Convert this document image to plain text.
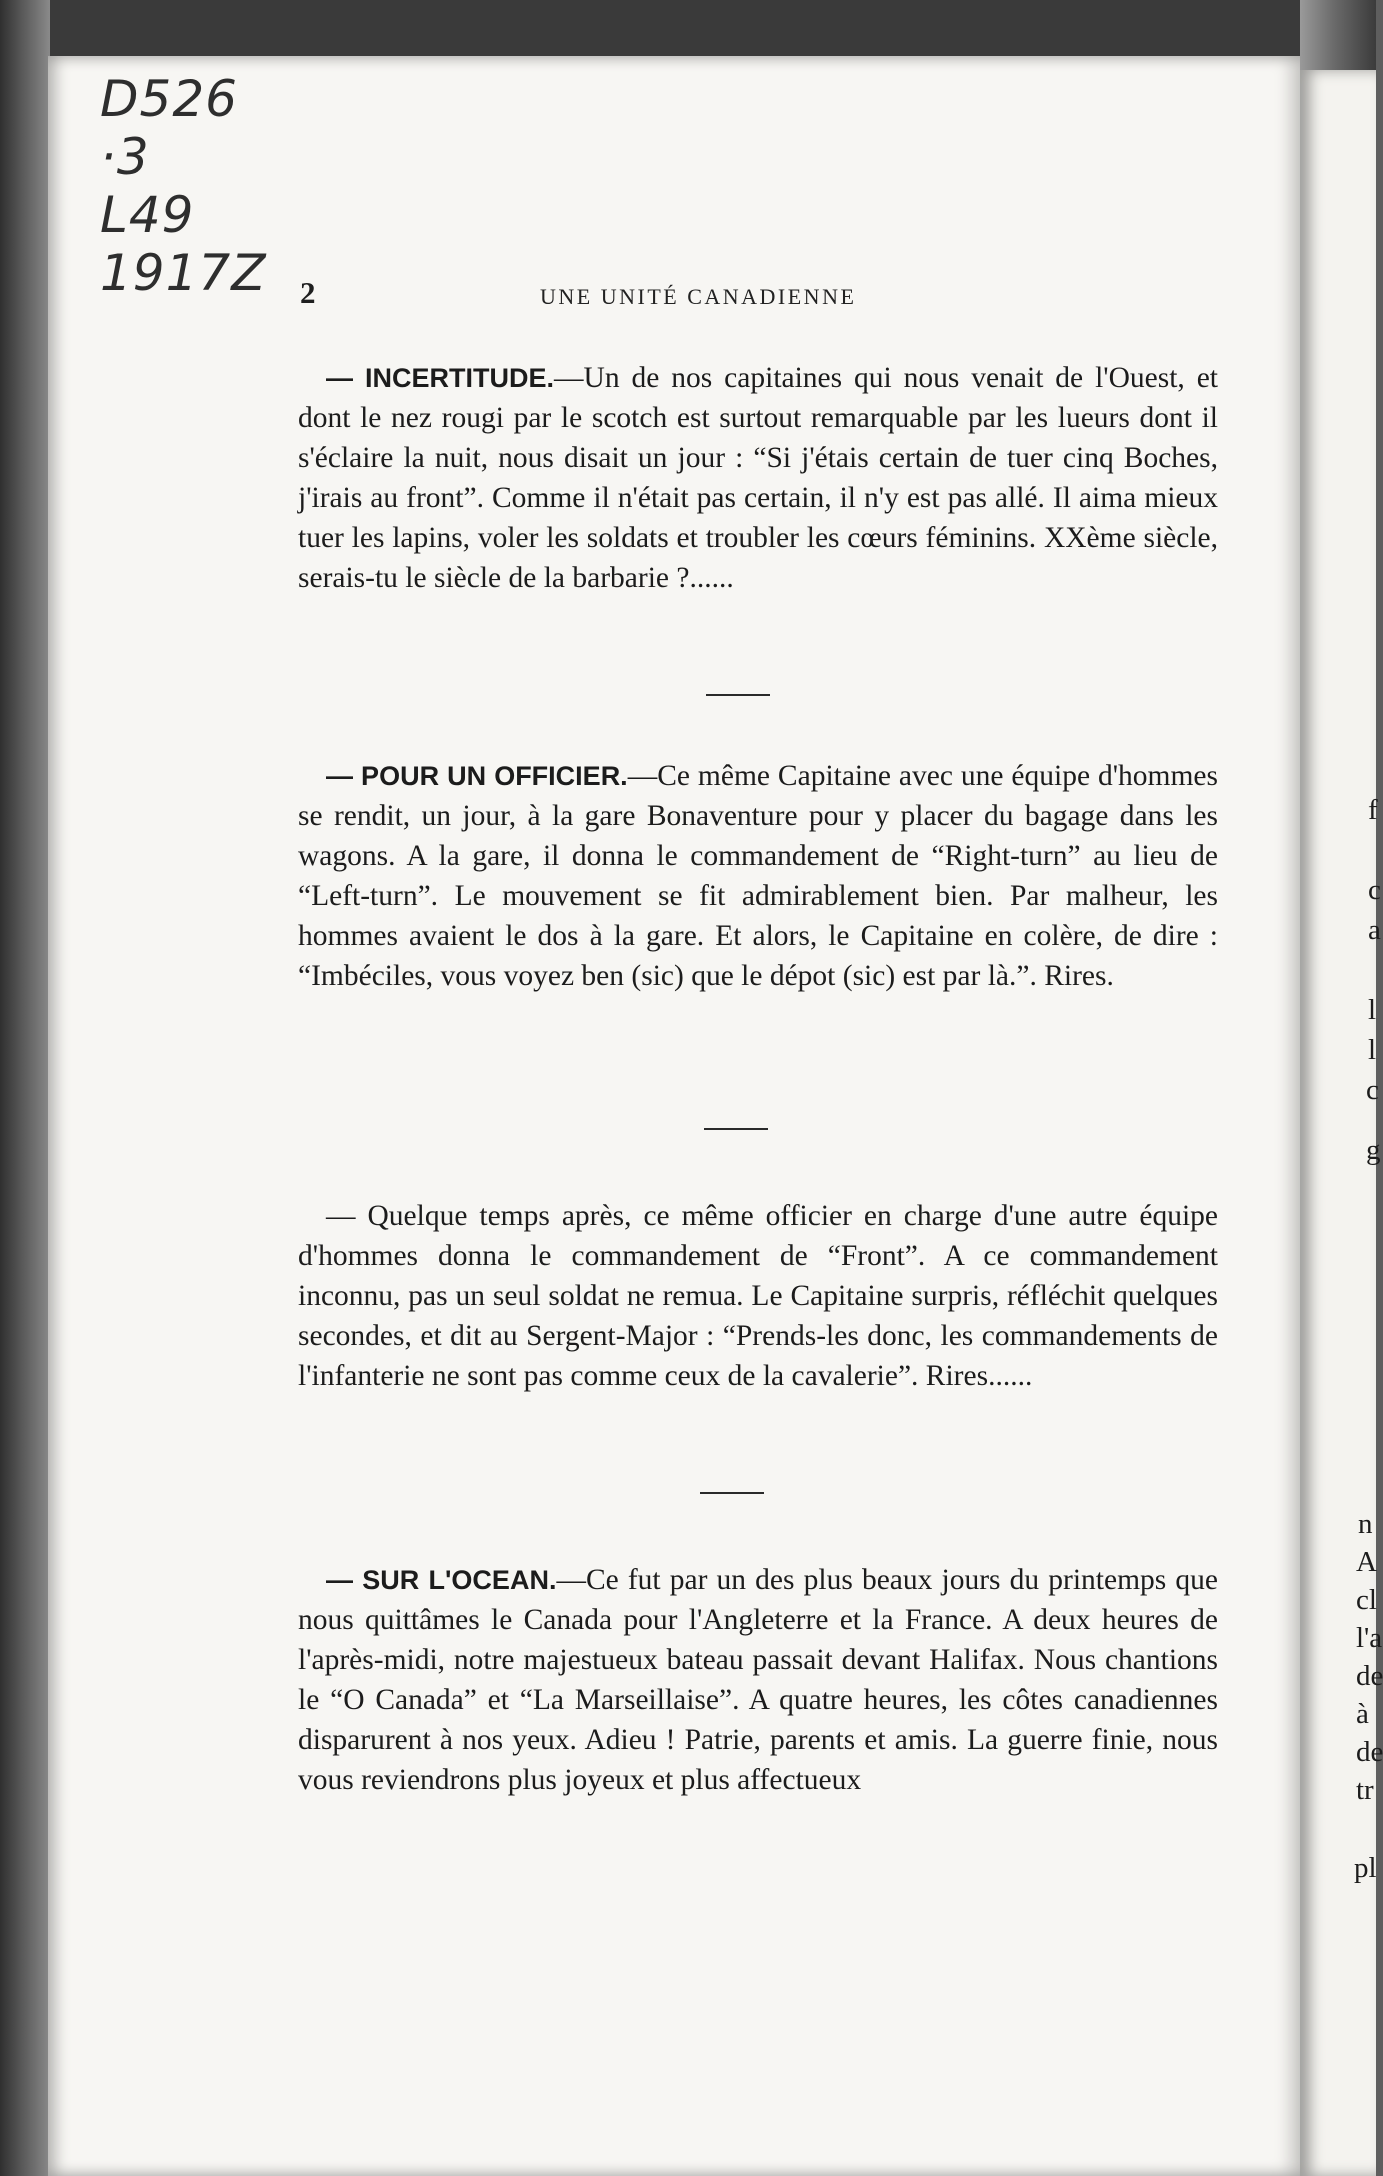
f
c
a
l
l
c
g
n
A
cl
l'a
de
à
de
tr
pl
D526
·3
L49
1917Z 2	UNE UNITÉ CANADIENNE
— INCERTITUDE.—Un de nos capitaines qui nous venait de l'Ouest, et dont le nez rougi par le scotch est surtout remarquable par les lueurs dont il s'éclaire la nuit, nous disait un jour : “Si j'étais certain de tuer cinq Boches, j'irais au front”. Comme il n'était pas certain, il n'y est pas allé. Il aima mieux tuer les lapins, voler les soldats et troubler les cœurs féminins. XXème siècle, serais-tu le siècle de la barbarie ?......
— POUR UN OFFICIER.—Ce même Capitaine avec une équipe d'hommes se rendit, un jour, à la gare Bonaventure pour y placer du bagage dans les wagons. A la gare, il donna le commandement de “Right-turn” au lieu de “Left-turn”. Le mouvement se fit admirablement bien. Par malheur, les hommes avaient le dos à la gare. Et alors, le Capitaine en colère, de dire : “Imbéciles, vous voyez ben (sic) que le dépot (sic) est par là.”. Rires.
— Quelque temps après, ce même officier en charge d'une autre équipe d'hommes donna le commandement de “Front”. A ce commandement inconnu, pas un seul soldat ne remua. Le Capitaine surpris, réfléchit quelques secondes, et dit au Sergent-Major : “Prends-les donc, les commandements de l'infanterie ne sont pas comme ceux de la cavalerie”. Rires......
— SUR L'OCEAN.—Ce fut par un des plus beaux jours du printemps que nous quittâmes le Canada pour l'Angleterre et la France. A deux heures de l'après-midi, notre majestueux bateau passait devant Halifax. Nous chantions le “O Canada” et “La Marseillaise”. A quatre heures, les côtes canadiennes disparurent à nos yeux. Adieu ! Patrie, parents et amis. La guerre finie, nous vous reviendrons plus joyeux et plus affectueux
